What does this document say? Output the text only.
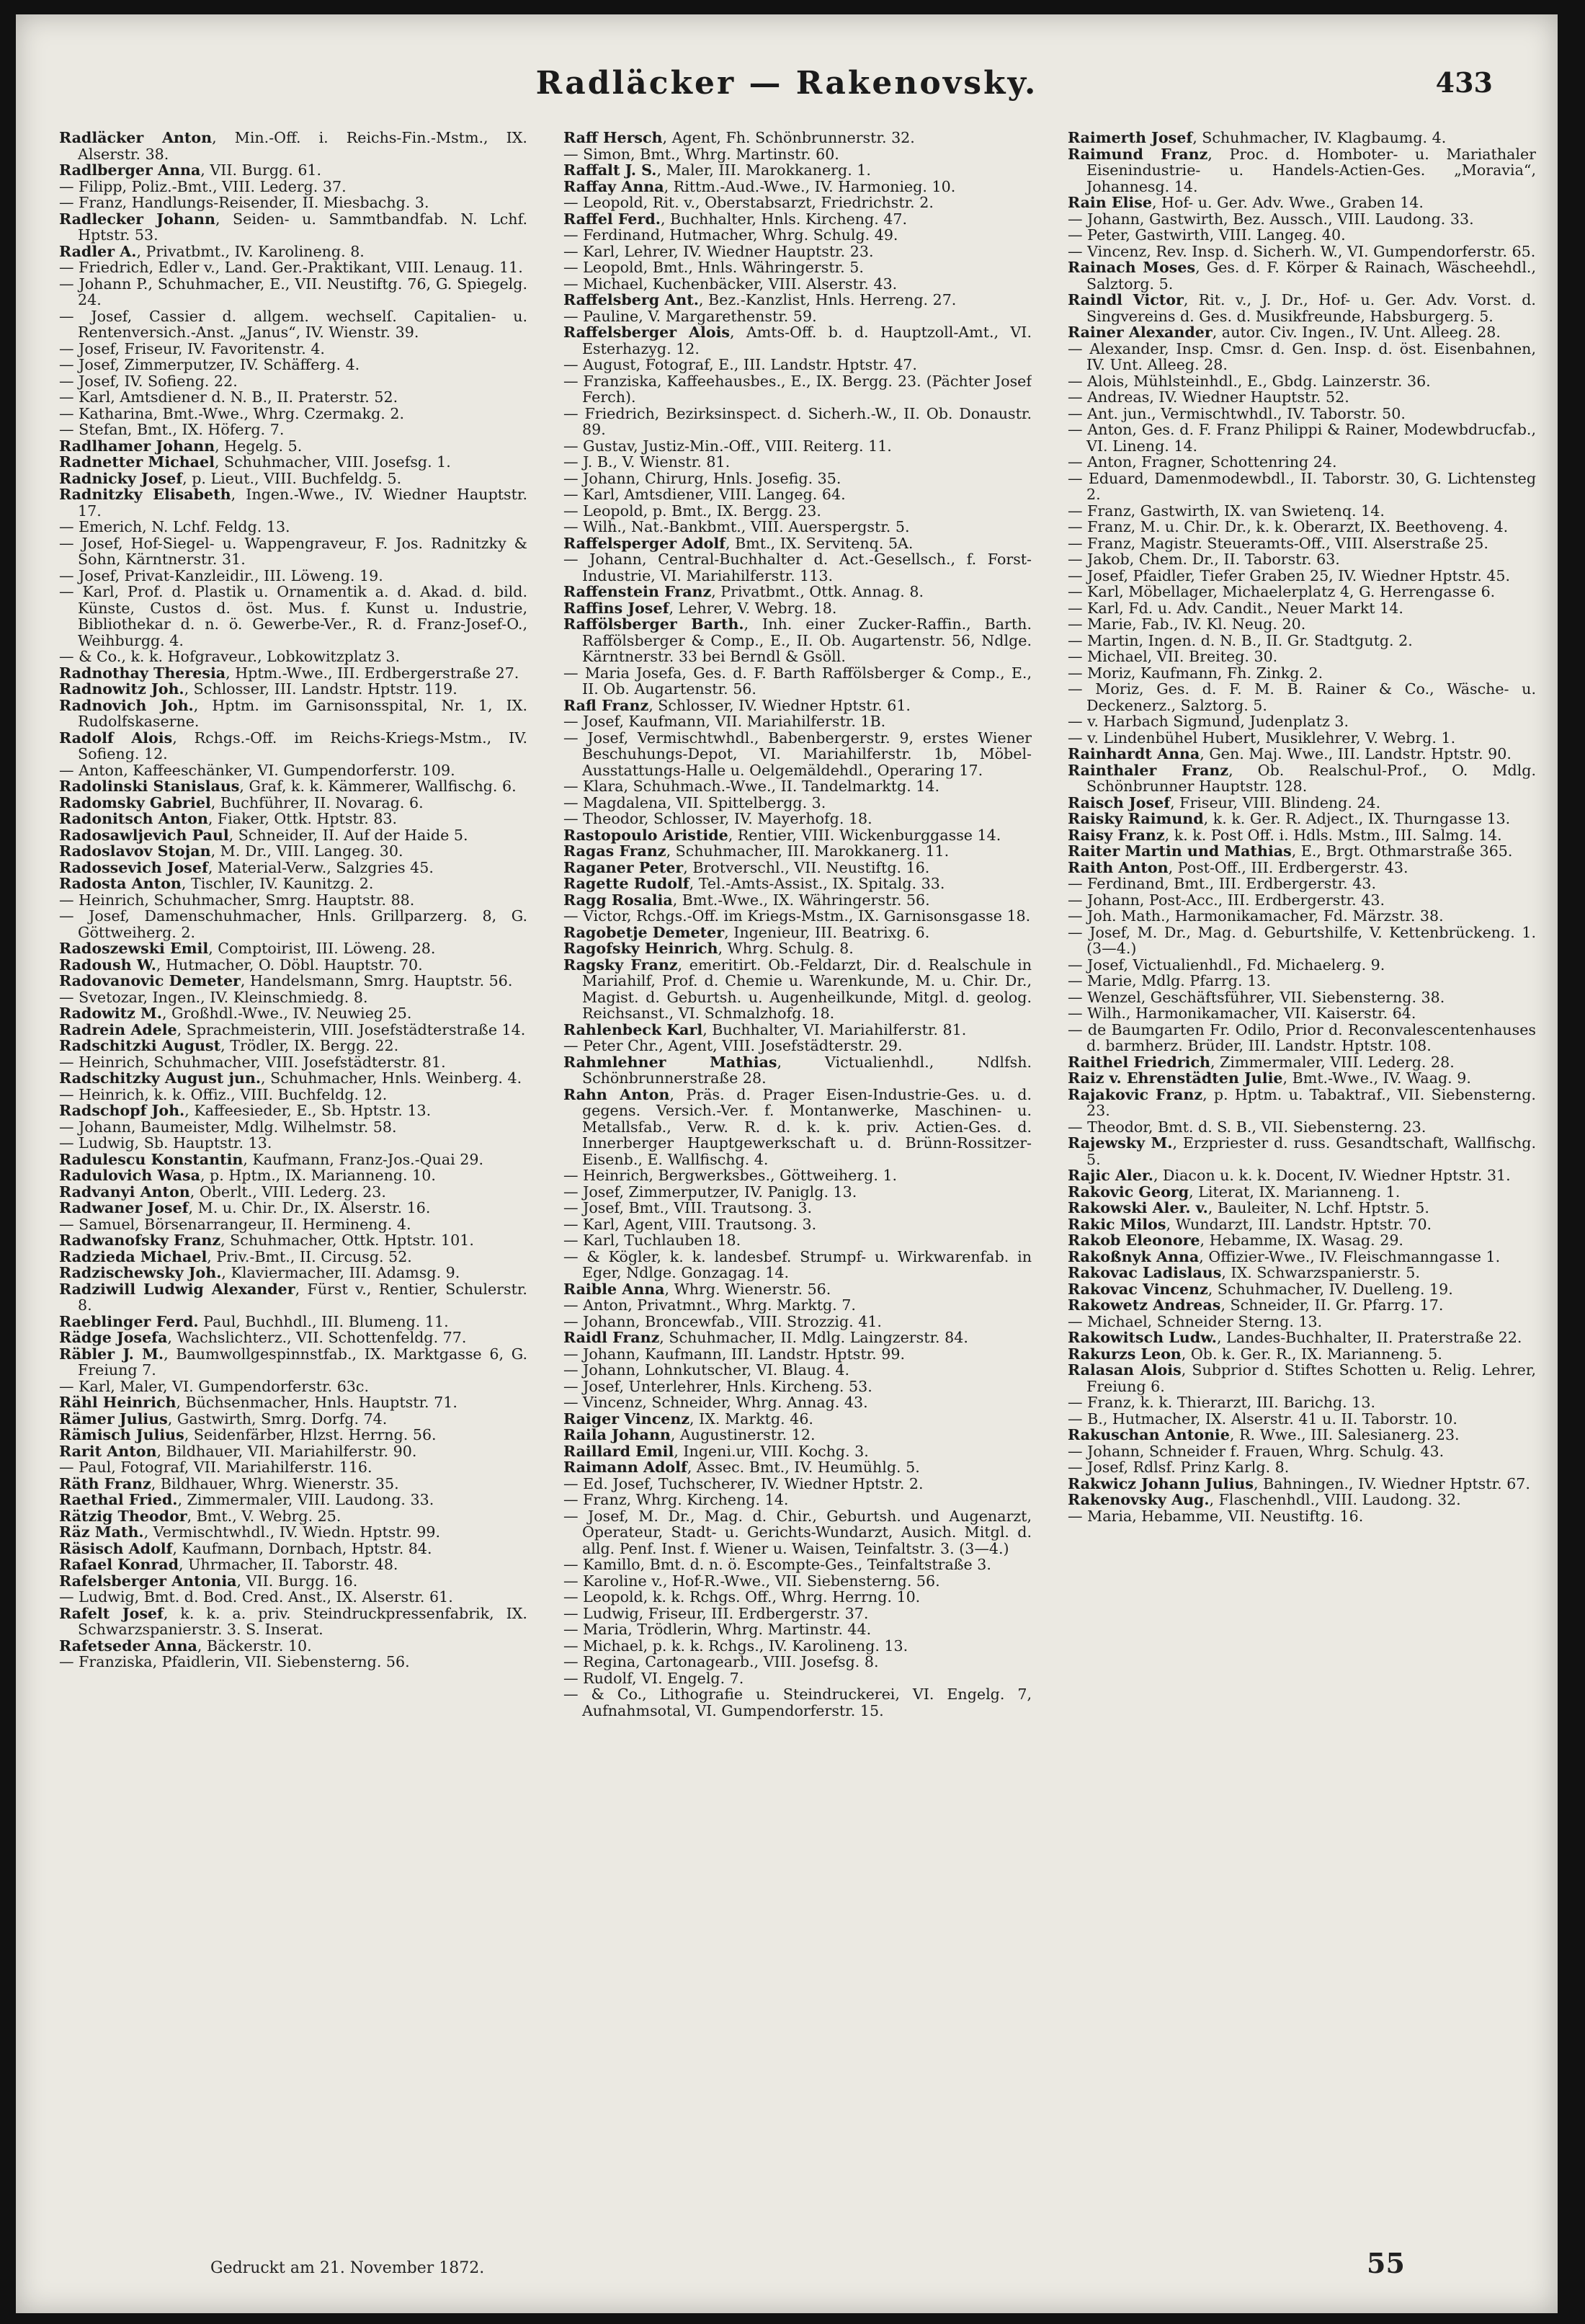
Radläcker — Rakenovsky.	433

Radläcker Anton, Min.-Off. i. Reichs-Fin.-Mstm., IX. Alserstr. 38.

Radlberger Anna, VII. Burgg. 61.

— Filipp, Poliz.-Bmt., VIII. Lederg. 37.

— Franz, Handlungs-Reisender, II. Miesbachg. 3.

Radlecker Johann, Seiden- u. Sammtbandfab. N. Lchf. Hptstr. 53.

Radler A., Privatbmt., IV. Karolineng. 8.

— Friedrich, Edler v., Land. Ger.-Praktikant, VIII. Lenaug. 11.

— Johann P., Schuhmacher, E., VII. Neustiftg. 76, G. Spiegelg. 24.

— Josef, Cassier d. allgem. wechselſ. Capitalien- u. Rentenversich.-Anst. „Janus“, IV. Wienstr. 39.

— Josef, Friseur, IV. Favoritenstr. 4.

— Josef, Zimmerputzer, IV. Schäfferg. 4.

— Josef, IV. Sofieng. 22.

— Karl, Amtsdiener d. N. B., II. Praterstr. 52.

— Katharina, Bmt.-Wwe., Whrg. Czermakg. 2.

— Stefan, Bmt., IX. Höferg. 7.

Radlhamer Johann, Hegelg. 5.

Radnetter Michael, Schuhmacher, VIII. Josefsg. 1.

Radnicky Josef, p. Lieut., VIII. Buchfeldg. 5.

Radnitzky Elisabeth, Ingen.-Wwe., IV. Wiedner Hauptstr. 17.

— Emerich, N. Lchf. Feldg. 13.

— Josef, Hof-Siegel- u. Wappengraveur, F. Jos. Radnitzky & Sohn, Kärntnerstr. 31.

— Josef, Privat-Kanzleidir., III. Löweng. 19.

— Karl, Prof. d. Plastik u. Ornamentik a. d. Akad. d. bild. Künste, Custos d. öst. Mus. f. Kunst u. Industrie, Bibliothekar d. n. ö. Gewerbe-Ver., R. d. Franz-Josef-O., Weihburgg. 4.

— & Co., k. k. Hofgraveur., Lobkowitzplatz 3.

Radnothay Theresia, Hptm.-Wwe., III. Erdbergerstraße 27.

Radnowitz Joh., Schlosser, III. Landstr. Hptstr. 119.

Radnovich Joh., Hptm. im Garnisonsspital, Nr. 1, IX. Rudolfskaserne.

Radolf Alois, Rchgs.-Off. im Reichs-Kriegs-Mstm., IV. Sofieng. 12.

— Anton, Kaffeeschänker, VI. Gumpendorferstr. 109.

Radolinski Stanislaus, Graf, k. k. Kämmerer, Wallfischg. 6.

Radomsky Gabriel, Buchführer, II. Novarag. 6.

Radonitsch Anton, Fiaker, Ottk. Hptstr. 83.

Radosawljevich Paul, Schneider, II. Auf der Haide 5.

Radoslavov Stojan, M. Dr., VIII. Langeg. 30.

Radossevich Josef, Material-Verw., Salzgries 45.

Radosta Anton, Tischler, IV. Kaunitzg. 2.

— Heinrich, Schuhmacher, Smrg. Hauptstr. 88.

— Josef, Damenschuhmacher, Hnls. Grillparzerg. 8, G. Göttweiherg. 2.

Radoszewski Emil, Comptoirist, III. Löweng. 28.

Radoush W., Hutmacher, O. Döbl. Hauptstr. 70.

Radovanovic Demeter, Handelsmann, Smrg. Hauptstr. 56.

— Svetozar, Ingen., IV. Kleinschmiedg. 8.

Radowitz M., Großhdl.-Wwe., IV. Neuwieg 25.

Radrein Adele, Sprachmeisterin, VIII. Josefstädterstraße 14.

Radschitzki August, Trödler, IX. Bergg. 22.

— Heinrich, Schuhmacher, VIII. Josefstädterstr. 81.

Radschitzky August jun., Schuhmacher, Hnls. Weinberg. 4.

— Heinrich, k. k. Offiz., VIII. Buchfeldg. 12.

Radschopf Joh., Kaffeesieder, E., Sb. Hptstr. 13.

— Johann, Baumeister, Mdlg. Wilhelmstr. 58.

— Ludwig, Sb. Hauptstr. 13.

Radulescu Konstantin, Kaufmann, Franz-Jos.-Quai 29.

Radulovich Wasa, p. Hptm., IX. Marianneng. 10.

Radvanyi Anton, Oberlt., VIII. Lederg. 23.

Radwaner Josef, M. u. Chir. Dr., IX. Alserstr. 16.

— Samuel, Börsenarrangeur, II. Hermineng. 4.

Radwanofsky Franz, Schuhmacher, Ottk. Hptstr. 101.

Radzieda Michael, Priv.-Bmt., II. Circusg. 52.

Radzischewsky Joh., Klaviermacher, III. Adamsg. 9.

Radziwill Ludwig Alexander, Fürst v., Rentier, Schulerstr. 8.

Raeblinger Ferd. Paul, Buchhdl., III. Blumeng. 11.

Rädge Josefa, Wachslichterz., VII. Schottenfeldg. 77.

Räbler J. M., Baumwollgespinnstfab., IX. Marktgasse 6, G. Freiung 7.

— Karl, Maler, VI. Gumpendorferstr. 63c.

Rähl Heinrich, Büchsenmacher, Hnls. Hauptstr. 71.

Rämer Julius, Gastwirth, Smrg. Dorfg. 74.

Rämisch Julius, Seidenfärber, Hlzst. Herrng. 56.

Rarit Anton, Bildhauer, VII. Mariahilferstr. 90.

— Paul, Fotograf, VII. Mariahilferstr. 116.

Räth Franz, Bildhauer, Whrg. Wienerstr. 35.

Raethal Fried., Zimmermaler, VIII. Laudong. 33.

Rätzig Theodor, Bmt., V. Webrg. 25.

Räz Math., Vermischtwhdl., IV. Wiedn. Hptstr. 99.

Räsisch Adolf, Kaufmann, Dornbach, Hptstr. 84.

Rafael Konrad, Uhrmacher, II. Taborstr. 48.

Rafelsberger Antonia, VII. Burgg. 16.

— Ludwig, Bmt. d. Bod. Cred. Anst., IX. Alserstr. 61.

Rafelt Josef, k. k. a. priv. Steindruckpressenfabrik, IX. Schwarzspanierstr. 3. S. Inserat.

Rafetseder Anna, Bäckerstr. 10.

— Franziska, Pfaidlerin, VII. Siebensterng. 56.

Raff Hersch, Agent, Fh. Schönbrunnerstr. 32.

— Simon, Bmt., Whrg. Martinstr. 60.

Raffalt J. S., Maler, III. Marokkanerg. 1.

Raffay Anna, Rittm.-Aud.-Wwe., IV. Harmonieg. 10.

— Leopold, Rit. v., Oberstabsarzt, Friedrichstr. 2.

Raffel Ferd., Buchhalter, Hnls. Kircheng. 47.

— Ferdinand, Hutmacher, Whrg. Schulg. 49.

— Karl, Lehrer, IV. Wiedner Hauptstr. 23.

— Leopold, Bmt., Hnls. Währingerstr. 5.

— Michael, Kuchenbäcker, VIII. Alserstr. 43.

Raffelsberg Ant., Bez.-Kanzlist, Hnls. Herreng. 27.

— Pauline, V. Margarethenstr. 59.

Raffelsberger Alois, Amts-Off. b. d. Hauptzoll-Amt., VI. Esterhazyg. 12.

— August, Fotograf, E., III. Landstr. Hptstr. 47.

— Franziska, Kaffeehausbes., E., IX. Bergg. 23. (Pächter Josef Ferch).

— Friedrich, Bezirksinspect. d. Sicherh.-W., II. Ob. Donaustr. 89.

— Gustav, Justiz-Min.-Off., VIII. Reiterg. 11.

— J. B., V. Wienstr. 81.

— Johann, Chirurg, Hnls. Josefig. 35.

— Karl, Amtsdiener, VIII. Langeg. 64.

— Leopold, p. Bmt., IX. Bergg. 23.

— Wilh., Nat.-Bankbmt., VIII. Auerspergstr. 5.

Raffelsperger Adolf, Bmt., IX. Servitenq. 5A.

— Johann, Central-Buchhalter d. Act.-Gesellsch., f. Forst-Industrie, VI. Mariahilferstr. 113.

Raffenstein Franz, Privatbmt., Ottk. Annag. 8.

Raffins Josef, Lehrer, V. Webrg. 18.

Raffölsberger Barth., Inh. einer Zucker-Raffin., Barth. Raffölsberger & Comp., E., II. Ob. Augartenstr. 56, Ndlge. Kärntnerstr. 33 bei Berndl & Gsöll.

— Maria Josefa, Ges. d. F. Barth Raffölsberger & Comp., E., II. Ob. Augartenstr. 56.

Rafl Franz, Schlosser, IV. Wiedner Hptstr. 61.

— Josef, Kaufmann, VII. Mariahilferstr. 1B.

— Josef, Vermischtwhdl., Babenbergerstr. 9, erstes Wiener Beschuhungs-Depot, VI. Mariahilferstr. 1b, Möbel-Ausstattungs-Halle u. Oelgemäldehdl., Operaring 17.

— Klara, Schuhmach.-Wwe., II. Tandelmarktg. 14.

— Magdalena, VII. Spittelbergg. 3.

— Theodor, Schlosser, IV. Mayerhofg. 18.

Rastopoulo Aristide, Rentier, VIII. Wickenburggasse 14.

Ragas Franz, Schuhmacher, III. Marokkanerg. 11.

Raganer Peter, Brotverschl., VII. Neustiftg. 16.

Ragette Rudolf, Tel.-Amts-Assist., IX. Spitalg. 33.

Ragg Rosalia, Bmt.-Wwe., IX. Währingerstr. 56.

— Victor, Rchgs.-Off. im Kriegs-Mstm., IX. Garnisonsgasse 18.

Ragobetje Demeter, Ingenieur, III. Beatrixg. 6.

Ragofsky Heinrich, Whrg. Schulg. 8.

Ragsky Franz, emeritirt. Ob.-Feldarzt, Dir. d. Realschule in Mariahilf, Prof. d. Chemie u. Warenkunde, M. u. Chir. Dr., Magist. d. Geburtsh. u. Augenheilkunde, Mitgl. d. geolog. Reichsanst., VI. Schmalzhofg. 18.

Rahlenbeck Karl, Buchhalter, VI. Mariahilferstr. 81.

— Peter Chr., Agent, VIII. Josefstädterstr. 29.

Rahmlehner Mathias, Victualienhdl., Ndlfsh. Schönbrunnerstraße 28.

Rahn Anton, Präs. d. Prager Eisen-Industrie-Ges. u. d. gegens. Versich.-Ver. f. Montanwerke, Maschinen- u. Metallsfab., Verw. R. d. k. k. priv. Actien-Ges. d. Innerberger Hauptgewerkschaft u. d. Brünn-Rossitzer-Eisenb., E. Wallfischg. 4.

— Heinrich, Bergwerksbes., Göttweiherg. 1.

— Josef, Zimmerputzer, IV. Paniglg. 13.

— Josef, Bmt., VIII. Trautsong. 3.

— Karl, Agent, VIII. Trautsong. 3.

— Karl, Tuchlauben 18.

— & Kögler, k. k. landesbef. Strumpf- u. Wirkwarenfab. in Eger, Ndlge. Gonzagag. 14.

Raible Anna, Whrg. Wienerstr. 56.

— Anton, Privatmnt., Whrg. Marktg. 7.

— Johann, Broncewfab., VIII. Strozzig. 41.

Raidl Franz, Schuhmacher, II. Mdlg. Laingzerstr. 84.

— Johann, Kaufmann, III. Landstr. Hptstr. 99.

— Johann, Lohnkutscher, VI. Blaug. 4.

— Josef, Unterlehrer, Hnls. Kircheng. 53.

— Vincenz, Schneider, Whrg. Annag. 43.

Raiger Vincenz, IX. Marktg. 46.

Raila Johann, Augustinerstr. 12.

Raillard Emil, Ingeni.ur, VIII. Kochg. 3.

Raimann Adolf, Assec. Bmt., IV. Heumühlg. 5.

— Ed. Josef, Tuchscherer, IV. Wiedner Hptstr. 2.

— Franz, Whrg. Kircheng. 14.

— Josef, M. Dr., Mag. d. Chir., Geburtsh. und Augenarzt, Operateur, Stadt- u. Gerichts-Wundarzt, Ausich. Mitgl. d. allg. Penf. Inst. f. Wiener u. Waisen, Teinfaltstr. 3. (3—4.)

— Kamillo, Bmt. d. n. ö. Escompte-Ges., Teinfaltstraße 3.

— Karoline v., Hof-R.-Wwe., VII. Siebensterng. 56.

— Leopold, k. k. Rchgs. Off., Whrg. Herrng. 10.

— Ludwig, Friseur, III. Erdbergerstr. 37.

— Maria, Trödlerin, Whrg. Martinstr. 44.

— Michael, p. k. k. Rchgs., IV. Karolineng. 13.

— Regina, Cartonagearb., VIII. Josefsg. 8.

— Rudolf, VI. Engelg. 7.

— & Co., Lithografie u. Steindruckerei, VI. Engelg. 7, Aufnahmsotal, VI. Gumpendorferstr. 15.

Raimerth Josef, Schuhmacher, IV. Klagbaumg. 4.

Raimund Franz, Proc. d. Homboter- u. Mariathaler Eisenindustrie- u. Handels-Actien-Ges. „Moravia“, Johannesg. 14.

Rain Elise, Hof- u. Ger. Adv. Wwe., Graben 14.

— Johann, Gastwirth, Bez. Aussch., VIII. Laudong. 33.

— Peter, Gastwirth, VIII. Langeg. 40.

— Vincenz, Rev. Insp. d. Sicherh. W., VI. Gumpendorferstr. 65.

Rainach Moses, Ges. d. F. Körper & Rainach, Wäscheehdl., Salztorg. 5.

Raindl Victor, Rit. v., J. Dr., Hof- u. Ger. Adv. Vorst. d. Singvereins d. Ges. d. Musikfreunde, Habsburgerg. 5.

Rainer Alexander, autor. Civ. Ingen., IV. Unt. Alleeg. 28.

— Alexander, Insp. Cmsr. d. Gen. Insp. d. öst. Eisenbahnen, IV. Unt. Alleeg. 28.

— Alois, Mühlsteinhdl., E., Gbdg. Lainzerstr. 36.

— Andreas, IV. Wiedner Hauptstr. 52.

— Ant. jun., Vermischtwhdl., IV. Taborstr. 50.

— Anton, Ges. d. F. Franz Philippi & Rainer, Modewbdrucfab., VI. Lineng. 14.

— Anton, Fragner, Schottenring 24.

— Eduard, Damenmodewbdl., II. Taborstr. 30, G. Lichtensteg 2.

— Franz, Gastwirth, IX. van Swietenq. 14.

— Franz, M. u. Chir. Dr., k. k. Oberarzt, IX. Beethoveng. 4.

— Franz, Magistr. Steueramts-Off., VIII. Alserstraße 25.

— Jakob, Chem. Dr., II. Taborstr. 63.

— Josef, Pfaidler, Tiefer Graben 25, IV. Wiedner Hptstr. 45.

— Karl, Möbellager, Michaelerplatz 4, G. Herrengasse 6.

— Karl, Fd. u. Adv. Candit., Neuer Markt 14.

— Marie, Fab., IV. Kl. Neug. 20.

— Martin, Ingen. d. N. B., II. Gr. Stadtgutg. 2.

— Michael, VII. Breiteg. 30.

— Moriz, Kaufmann, Fh. Zinkg. 2.

— Moriz, Ges. d. F. M. B. Rainer & Co., Wäsche- u. Deckenerz., Salztorg. 5.

— v. Harbach Sigmund, Judenplatz 3.

— v. Lindenbühel Hubert, Musiklehrer, V. Webrg. 1.

Rainhardt Anna, Gen. Maj. Wwe., III. Landstr. Hptstr. 90.

Rainthaler Franz, Ob. Realschul-Prof., O. Mdlg. Schönbrunner Hauptstr. 128.

Raisch Josef, Friseur, VIII. Blindeng. 24.

Raisky Raimund, k. k. Ger. R. Adject., IX. Thurngasse 13.

Raisy Franz, k. k. Post Off. i. Hdls. Mstm., III. Salmg. 14.

Raiter Martin und Mathias, E., Brgt. Othmarstraße 365.

Raith Anton, Post-Off., III. Erdbergerstr. 43.

— Ferdinand, Bmt., III. Erdbergerstr. 43.

— Johann, Post-Acc., III. Erdbergerstr. 43.

— Joh. Math., Harmonikamacher, Fd. Märzstr. 38.

— Josef, M. Dr., Mag. d. Geburtshilfe, V. Kettenbrückeng. 1. (3—4.)

— Josef, Victualienhdl., Fd. Michaelerg. 9.

— Marie, Mdlg. Pfarrg. 13.

— Wenzel, Geschäftsführer, VII. Siebensterng. 38.

— Wilh., Harmonikamacher, VII. Kaiserstr. 64.

— de Baumgarten Fr. Odilo, Prior d. Reconvalescentenhauses d. barmherz. Brüder, III. Landstr. Hptstr. 108.

Raithel Friedrich, Zimmermaler, VIII. Lederg. 28.

Raiz v. Ehrenstädten Julie, Bmt.-Wwe., IV. Waag. 9.

Rajakovic Franz, p. Hptm. u. Tabaktraf., VII. Siebensterng. 23.

— Theodor, Bmt. d. S. B., VII. Siebensterng. 23.

Rajewsky M., Erzpriester d. russ. Gesandtschaft, Wallfischg. 5.

Rajic Aler., Diacon u. k. k. Docent, IV. Wiedner Hptstr. 31.

Rakovic Georg, Literat, IX. Marianneng. 1.

Rakowski Aler. v., Bauleiter, N. Lchf. Hptstr. 5.

Rakic Milos, Wundarzt, III. Landstr. Hptstr. 70.

Rakob Eleonore, Hebamme, IX. Wasag. 29.

Rakoßnyk Anna, Offizier-Wwe., IV. Fleischmanngasse 1.

Rakovac Ladislaus, IX. Schwarzspanierstr. 5.

Rakovac Vincenz, Schuhmacher, IV. Duelleng. 19.

Rakowetz Andreas, Schneider, II. Gr. Pfarrg. 17.

— Michael, Schneider Sterng. 13.

Rakowitsch Ludw., Landes-Buchhalter, II. Praterstraße 22.

Rakurzs Leon, Ob. k. Ger. R., IX. Marianneng. 5.

Ralasan Alois, Subprior d. Stiftes Schotten u. Relig. Lehrer, Freiung 6.

— Franz, k. k. Thierarzt, III. Barichg. 13.

— B., Hutmacher, IX. Alserstr. 41 u. II. Taborstr. 10.

Rakuschan Antonie, R. Wwe., III. Salesianerg. 23.

— Johann, Schneider f. Frauen, Whrg. Schulg. 43.

— Josef, Rdlsf. Prinz Karlg. 8.

Rakwicz Johann Julius, Bahningen., IV. Wiedner Hptstr. 67.

Rakenovsky Aug., Flaschenhdl., VIII. Laudong. 32.

— Maria, Hebamme, VII. Neustiftg. 16.

Gedruckt am 21. November 1872.	55
